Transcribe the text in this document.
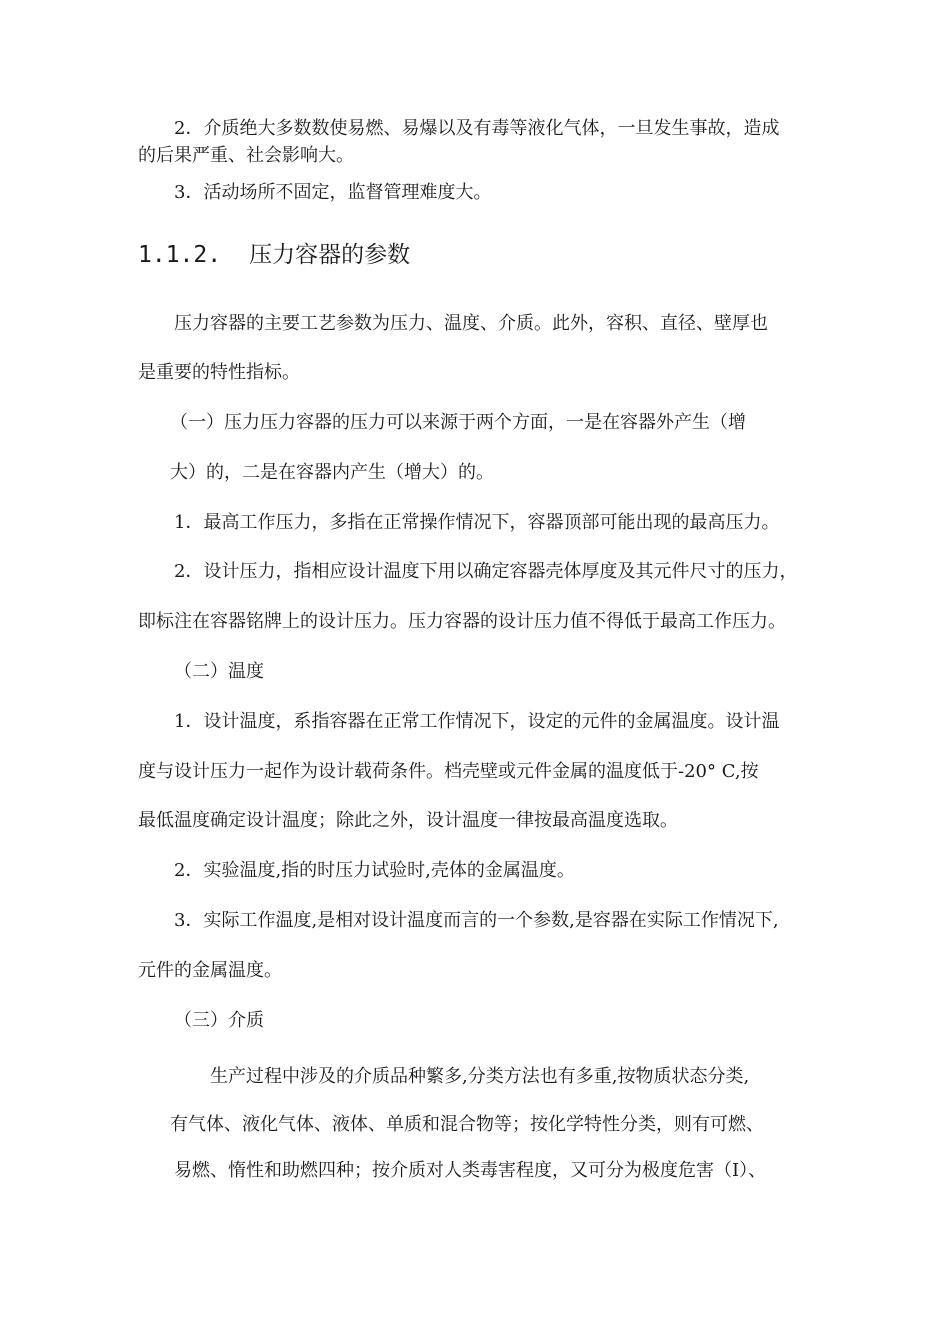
2．介质绝大多数数使易燃、易爆以及有毒等液化气体，一旦发生事故，造成
的后果严重、社会影响大。
3．活动场所不固定，监督管理难度大。
1.1.2. 压力容器的参数
压力容器的主要工艺参数为压力、温度、介质。此外，容积、直径、壁厚也
是重要的特性指标。
（一）压力压力容器的压力可以来源于两个方面，一是在容器外产生（增
大）的，二是在容器内产生（增大）的。
1．最高工作压力，多指在正常操作情况下，容器顶部可能出现的最高压力。
2．设计压力，指相应设计温度下用以确定容器壳体厚度及其元件尺寸的压力，
即标注在容器铭牌上的设计压力。压力容器的设计压力值不得低于最高工作压力。
（二）温度
1．设计温度，系指容器在正常工作情况下，设定的元件的金属温度。设计温
度与设计压力一起作为设计载荷条件。档壳壁或元件金属的温度低于-20° C,按
最低温度确定设计温度；除此之外，设计温度一律按最高温度选取。
2．实验温度,指的时压力试验时,壳体的金属温度。
3．实际工作温度,是相对设计温度而言的一个参数,是容器在实际工作情况下,
元件的金属温度。
（三）介质
生产过程中涉及的介质品种繁多,分类方法也有多重,按物质状态分类,
有气体、液化气体、液体、单质和混合物等；按化学特性分类，则有可燃、
易燃、惰性和助燃四种；按介质对人类毒害程度，又可分为极度危害（I）、
